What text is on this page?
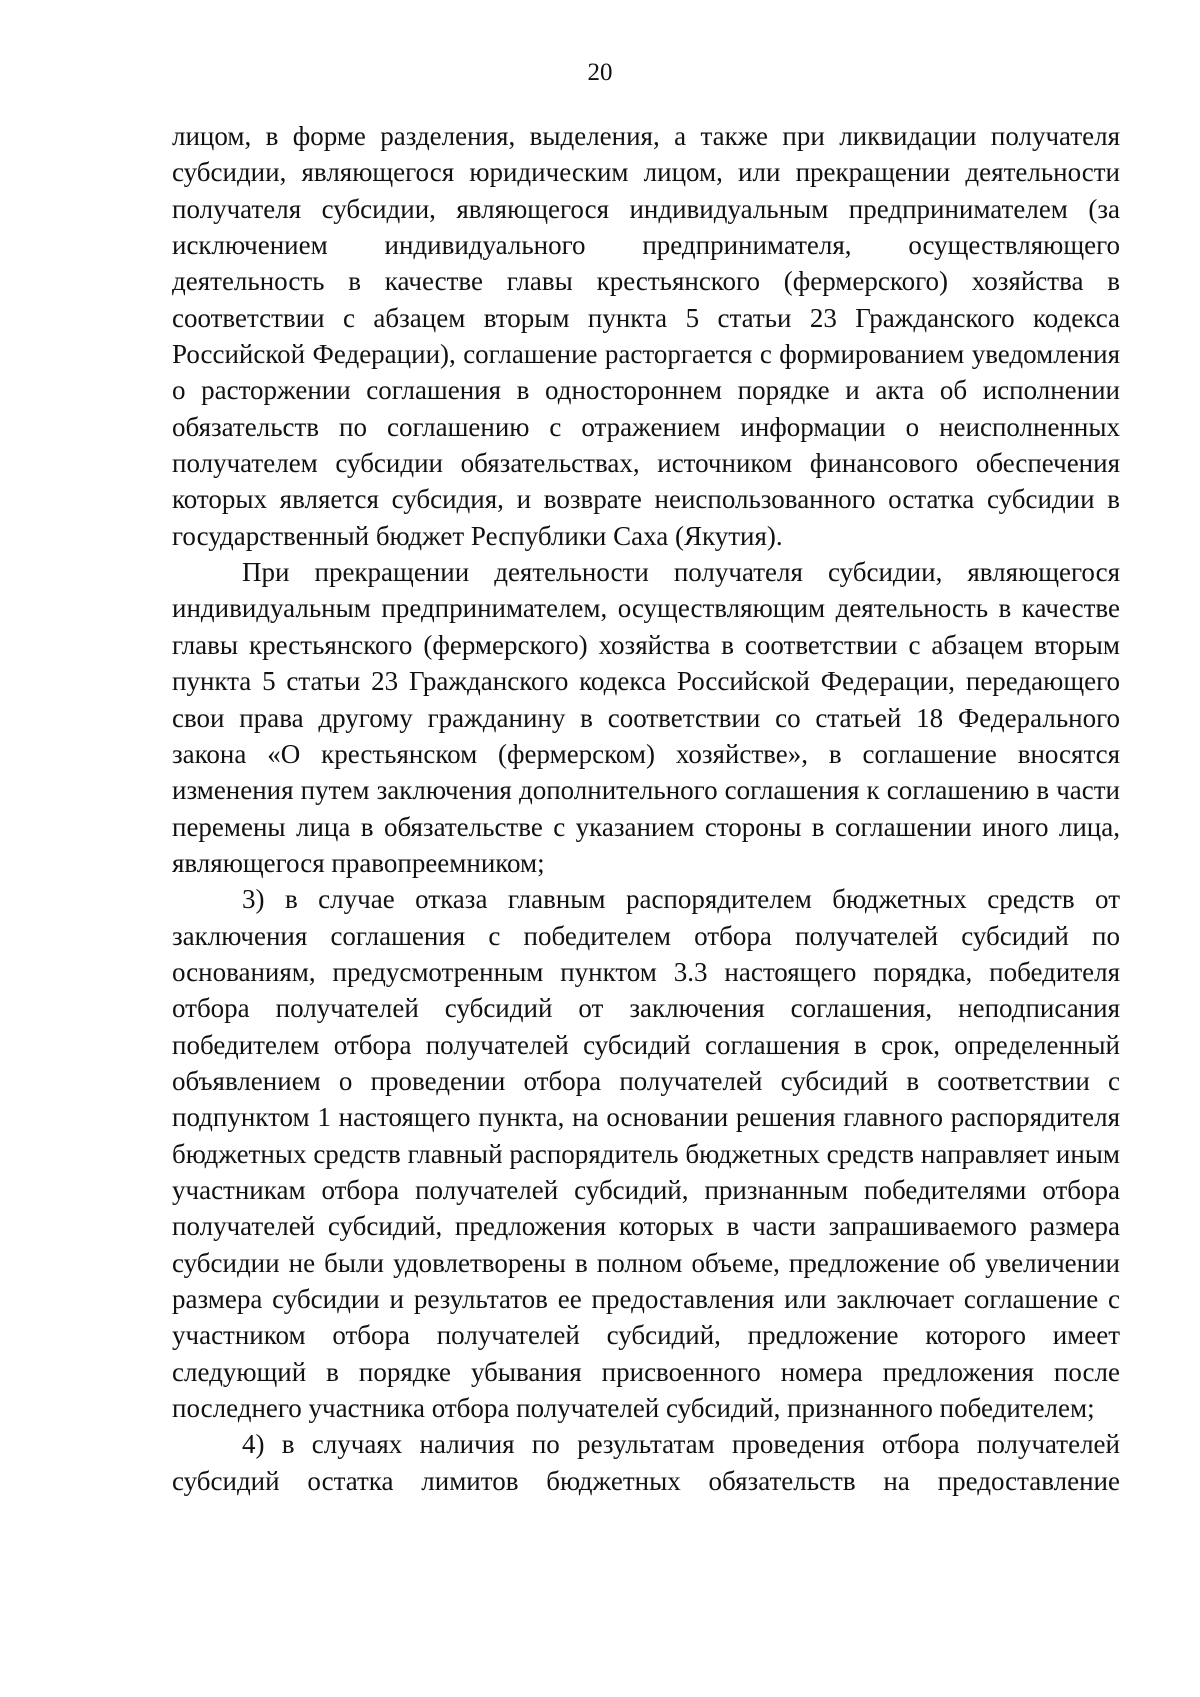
20

лицом, в форме разделения, выделения, а также при ликвидации получателя субсидии, являющегося юридическим лицом, или прекращении деятельности получателя субсидии, являющегося индивидуальным предпринимателем (за исключением индивидуального предпринимателя, осуществляющего деятельность в качестве главы крестьянского (фермерского) хозяйства в соответствии с абзацем вторым пункта 5 статьи 23 Гражданского кодекса Российской Федерации), соглашение расторгается с формированием уведомления о расторжении соглашения в одностороннем порядке и акта об исполнении обязательств по соглашению с отражением информации о неисполненных получателем субсидии обязательствах, источником финансового обеспечения которых является субсидия, и возврате неиспользованного остатка субсидии в государственный бюджет Республики Саха (Якутия).

При прекращении деятельности получателя субсидии, являющегося индивидуальным предпринимателем, осуществляющим деятельность в качестве главы крестьянского (фермерского) хозяйства в соответствии с абзацем вторым пункта 5 статьи 23 Гражданского кодекса Российской Федерации, передающего свои права другому гражданину в соответствии со статьей 18 Федерального закона «О крестьянском (фермерском) хозяйстве», в соглашение вносятся изменения путем заключения дополнительного соглашения к соглашению в части перемены лица в обязательстве с указанием стороны в соглашении иного лица, являющегося правопреемником;

3) в случае отказа главным распорядителем бюджетных средств от заключения соглашения с победителем отбора получателей субсидий по основаниям, предусмотренным пунктом 3.3 настоящего порядка, победителя отбора получателей субсидий от заключения соглашения, неподписания победителем отбора получателей субсидий соглашения в срок, определенный объявлением о проведении отбора получателей субсидий в соответствии с подпунктом 1 настоящего пункта, на основании решения главного распорядителя бюджетных средств главный распорядитель бюджетных средств направляет иным участникам отбора получателей субсидий, признанным победителями отбора получателей субсидий, предложения которых в части запрашиваемого размера субсидии не были удовлетворены в полном объеме, предложение об увеличении размера субсидии и результатов ее предоставления или заключает соглашение с участником отбора получателей субсидий, предложение которого имеет следующий в порядке убывания присвоенного номера предложения после последнего участника отбора получателей субсидий, признанного победителем;

4) в случаях наличия по результатам проведения отбора получателей субсидий остатка лимитов бюджетных обязательств на предоставление
